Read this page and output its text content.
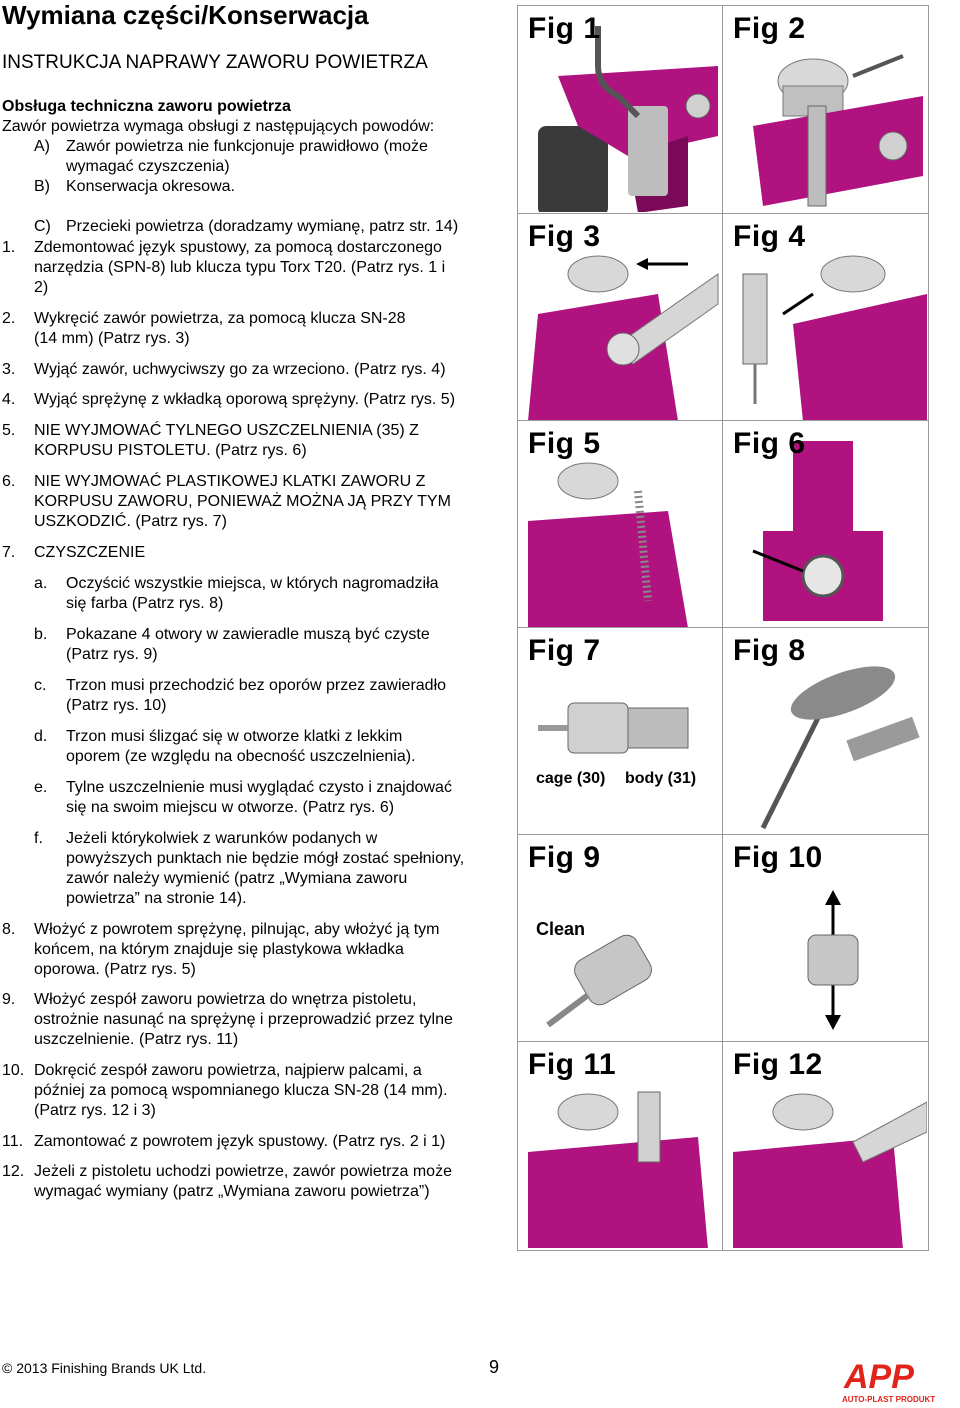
Wymiana części/Konserwacja
INSTRUKCJA NAPRAWY ZAWORU POWIETRZA
Obsługa techniczna zaworu powietrza
Zawór powietrza wymaga obsługi z następujących powodów:
A) Zawór powietrza nie funkcjonuje prawidłowo (może
wymagać czyszczenia)
B) Konserwacja okresowa.
C) Przecieki powietrza (doradzamy wymianę, patrz str. 14)
1. Zdemontować język spustowy, za pomocą dostarczonego
narzędzia (SPN-8) lub klucza typu Torx T20. (Patrz rys. 1 i
2)
2. Wykręcić zawór powietrza, za pomocą klucza SN-28
(14 mm) (Patrz rys. 3)
3. Wyjąć zawór, uchwyciwszy go za wrzeciono. (Patrz rys. 4)
4. Wyjąć sprężynę z wkładką oporową sprężyny. (Patrz rys. 5)
5. NIE WYJMOWAĆ TYLNEGO USZCZELNIENIA (35) Z
KORPUSU PISTOLETU. (Patrz rys. 6)
6. NIE WYJMOWAĆ PLASTIKOWEJ KLATKI ZAWORU Z
KORPUSU ZAWORU, PONIEWAŻ MOŻNA JĄ PRZY TYM
USZKODZIĆ. (Patrz rys. 7)
7. CZYSZCZENIE
a. Oczyścić wszystkie miejsca, w których nagromadziła
się farba (Patrz rys. 8)
b. Pokazane 4 otwory w zawieradle muszą być czyste
(Patrz rys. 9)
c. Trzon musi przechodzić bez oporów przez zawieradło
(Patrz rys. 10)
d. Trzon musi ślizgać się w otworze klatki z lekkim
oporem (ze względu na obecność uszczelnienia).
e. Tylne uszczelnienie musi wyglądać czysto i znajdować
się na swoim miejscu w otworze. (Patrz rys. 6)
f. Jeżeli którykolwiek z warunków podanych w
powyższych punktach nie będzie mógł zostać spełniony,
zawór należy wymienić (patrz „Wymiana zaworu
powietrza” na stronie 14).
8. Włożyć z powrotem sprężynę, pilnując, aby włożyć ją tym
końcem, na którym znajduje się plastykowa wkładka
oporowa. (Patrz rys. 5)
9. Włożyć zespół zaworu powietrza do wnętrza pistoletu,
ostrożnie nasunąć na sprężynę i przeprowadzić przez tylne
uszczelnienie. (Patrz rys. 11)
10. Dokręcić zespół zaworu powietrza, najpierw palcami, a
później za pomocą wspomnianego klucza SN-28 (14 mm).
(Patrz rys. 12 i 3)
11. Zamontować z powrotem język spustowy. (Patrz rys. 2 i 1)
12. Jeżeli z pistoletu uchodzi powietrze, zawór powietrza może
wymagać wymiany (patrz „Wymiana zaworu powietrza”)
Fig 1	Fig 2
Fig 3	Fig 4
Fig 5	Fig 6
Fig 7
cage (30) body (31)
Fig 8
Fig 9
Clean
Fig 10
Fig 11	Fig 12
© 2013 Finishing Brands UK Ltd.	9	APP
AUTO-PLAST PRODUKT
